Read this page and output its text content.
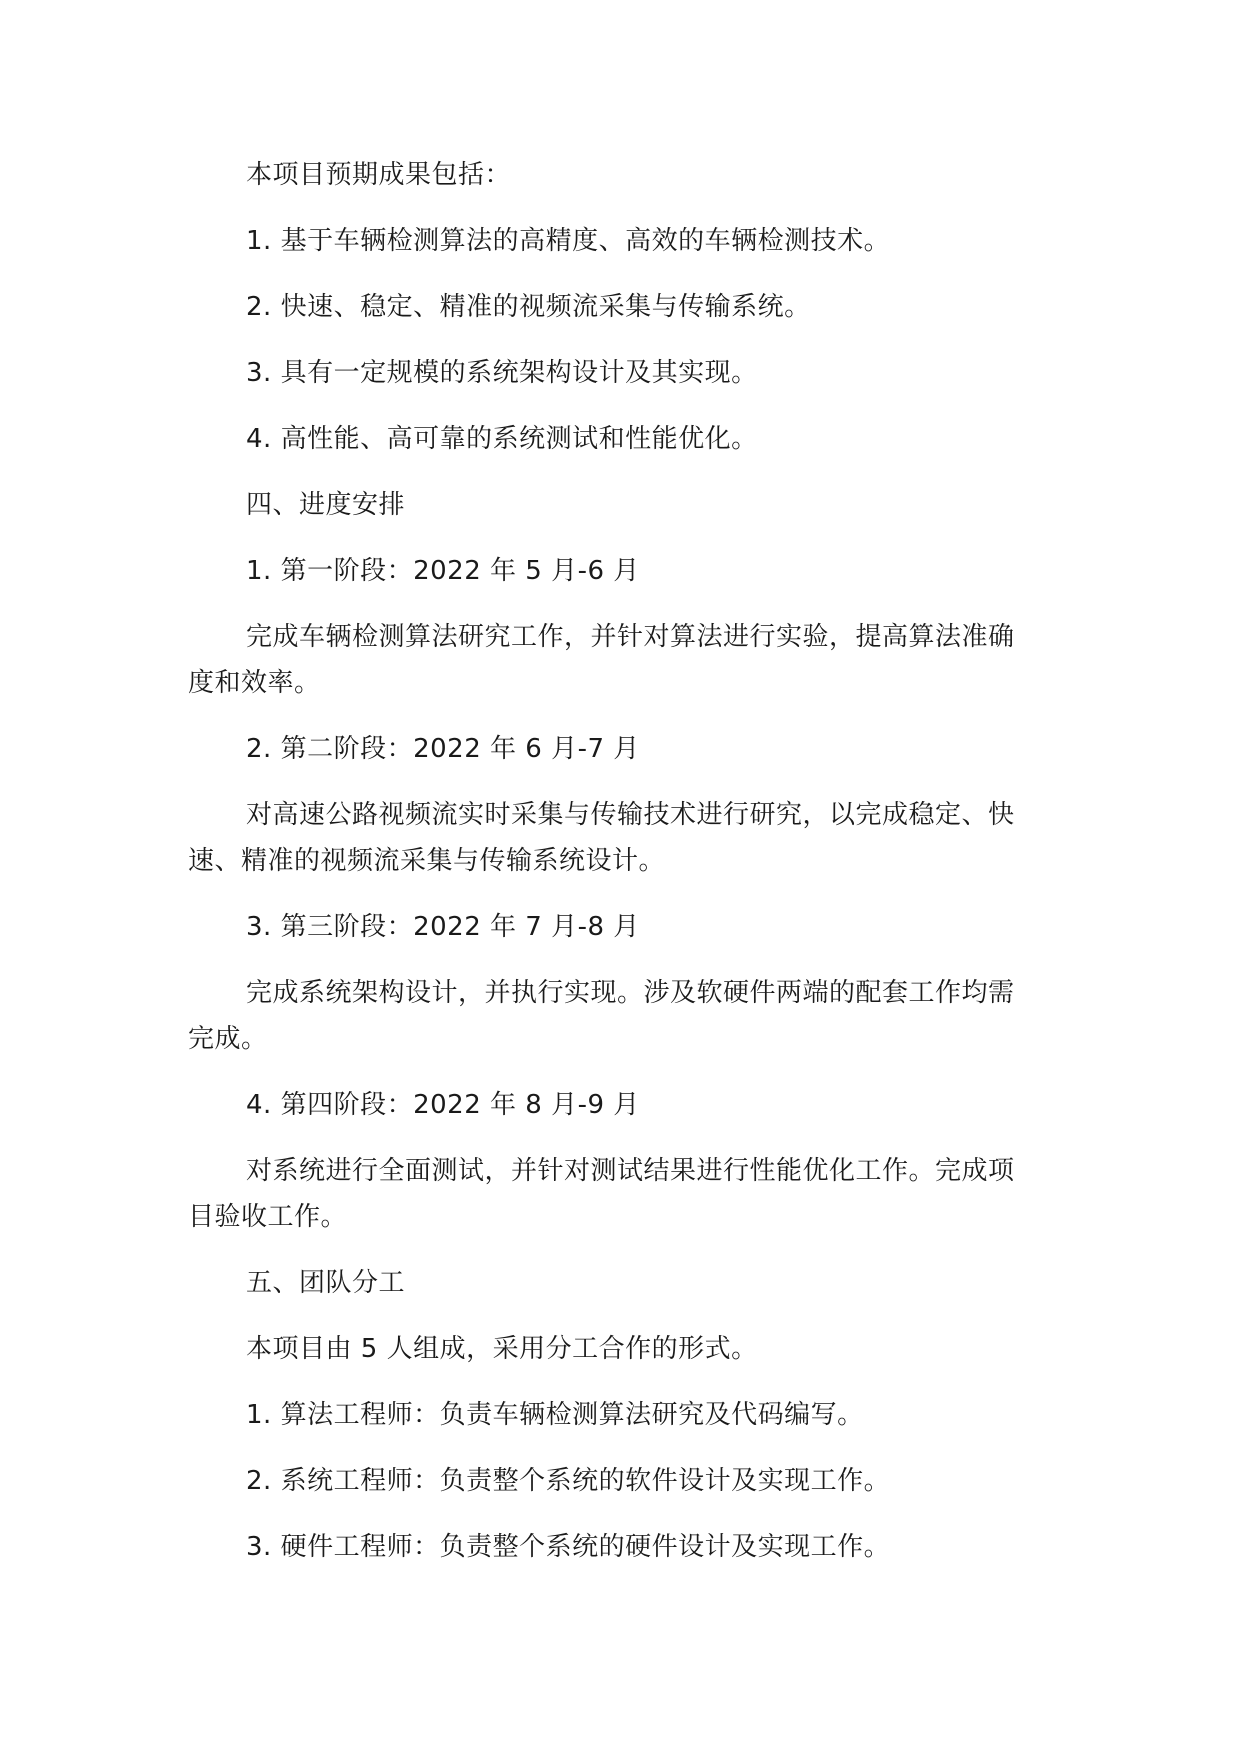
本项目预期成果包括：

1. 基于车辆检测算法的高精度、高效的车辆检测技术。

2. 快速、稳定、精准的视频流采集与传输系统。

3. 具有一定规模的系统架构设计及其实现。

4. 高性能、高可靠的系统测试和性能优化。

四、进度安排

1. 第一阶段：2022 年 5 月-6 月

完成车辆检测算法研究工作，并针对算法进行实验，提高算法准确度和效率。

2. 第二阶段：2022 年 6 月-7 月

对高速公路视频流实时采集与传输技术进行研究，以完成稳定、快速、精准的视频流采集与传输系统设计。

3. 第三阶段：2022 年 7 月-8 月

完成系统架构设计，并执行实现。涉及软硬件两端的配套工作均需完成。

4. 第四阶段：2022 年 8 月-9 月

对系统进行全面测试，并针对测试结果进行性能优化工作。完成项目验收工作。

五、团队分工

本项目由 5 人组成，采用分工合作的形式。

1. 算法工程师：负责车辆检测算法研究及代码编写。

2. 系统工程师：负责整个系统的软件设计及实现工作。

3. 硬件工程师：负责整个系统的硬件设计及实现工作。
